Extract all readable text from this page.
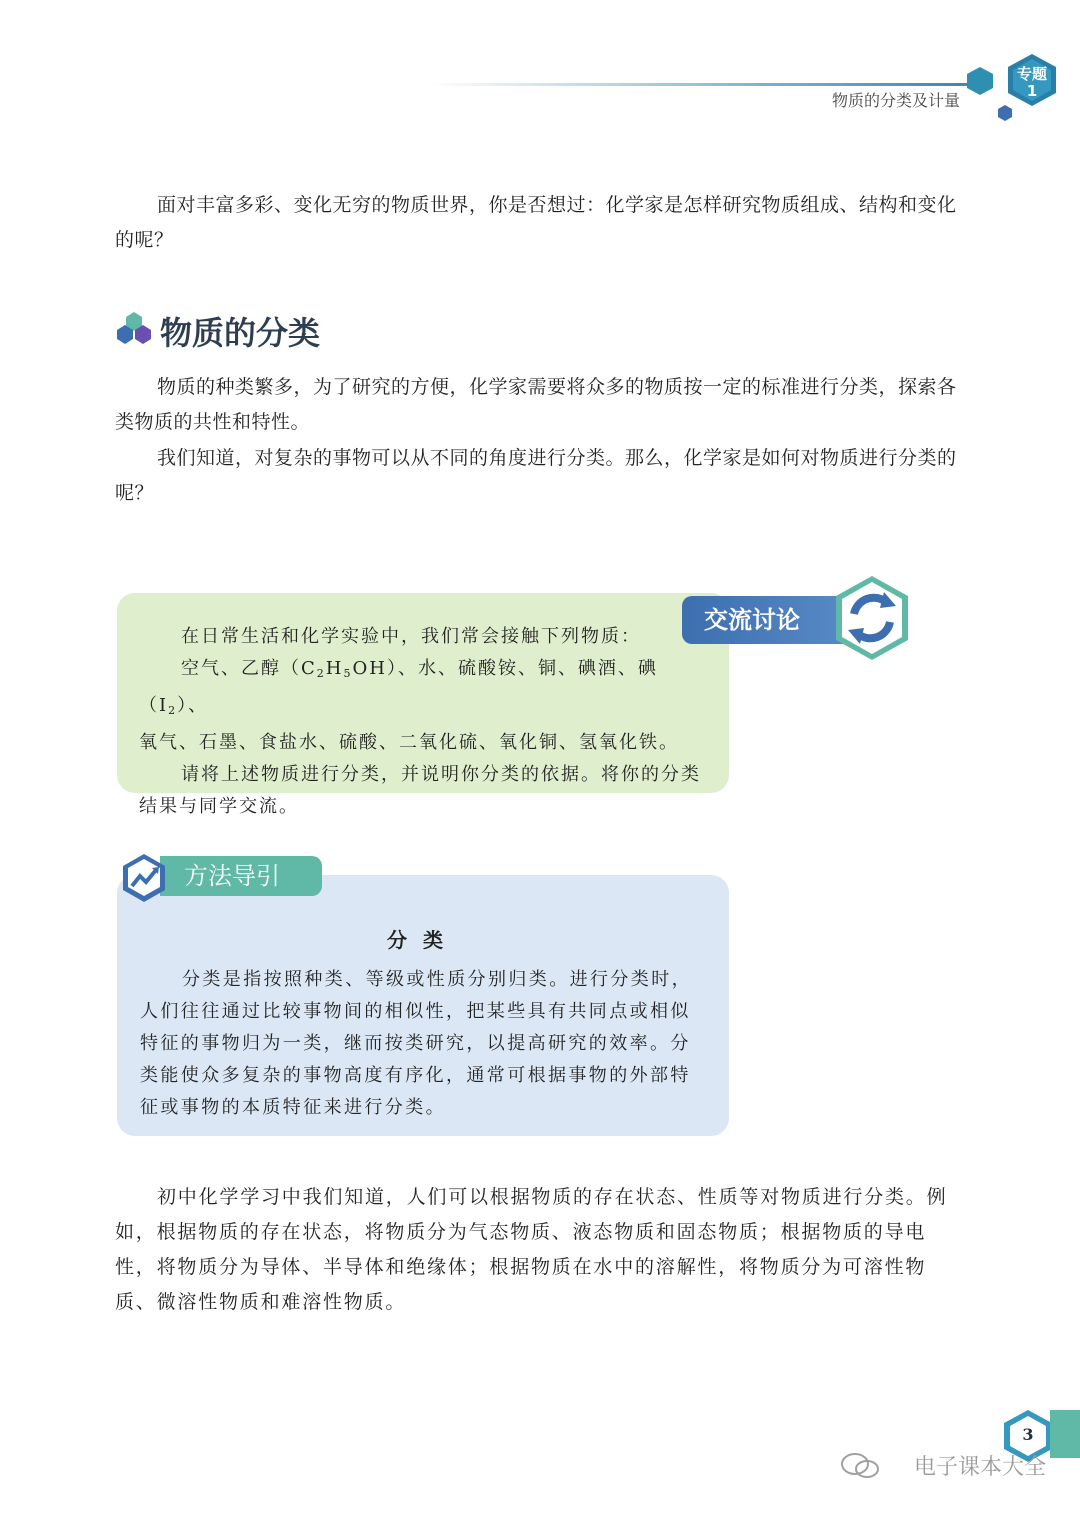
专题
1
物质的分类及计量

面对丰富多彩、变化无穷的物质世界，你是否想过：化学家是怎样研究物质组成、结构和变化的呢？

物质的分类

物质的种类繁多，为了研究的方便，化学家需要将众多的物质按一定的标准进行分类，探索各类物质的共性和特性。

我们知道，对复杂的事物可以从不同的角度进行分类。那么，化学家是如何对物质进行分类的呢？

在日常生活和化学实验中，我们常会接触下列物质：

空气、乙醇$(C_2H_5OH)$、水、硫酸铵、铜、碘酒、碘$(I_2)$、

氧气、石墨、食盐水、硫酸、二氧化硫、氧化铜、氢氧化铁。

请将上述物质进行分类，并说明你分类的依据。将你的分类结果与同学交流。

交流讨论
方法导引
分类

分类是指按照种类、等级或性质分别归类。进行分类时，人们往往通过比较事物间的相似性，把某些具有共同点或相似特征的事物归为一类，继而按类研究，以提高研究的效率。分类能使众多复杂的事物高度有序化，通常可根据事物的外部特征或事物的本质特征来进行分类。

初中化学学习中我们知道，人们可以根据物质的存在状态、性质等对物质进行分类。例如，根据物质的存在状态，将物质分为气态物质、液态物质和固态物质；根据物质的导电性，将物质分为导体、半导体和绝缘体；根据物质在水中的溶解性，将物质分为可溶性物质、微溶性物质和难溶性物质。

3
电子课本大全
